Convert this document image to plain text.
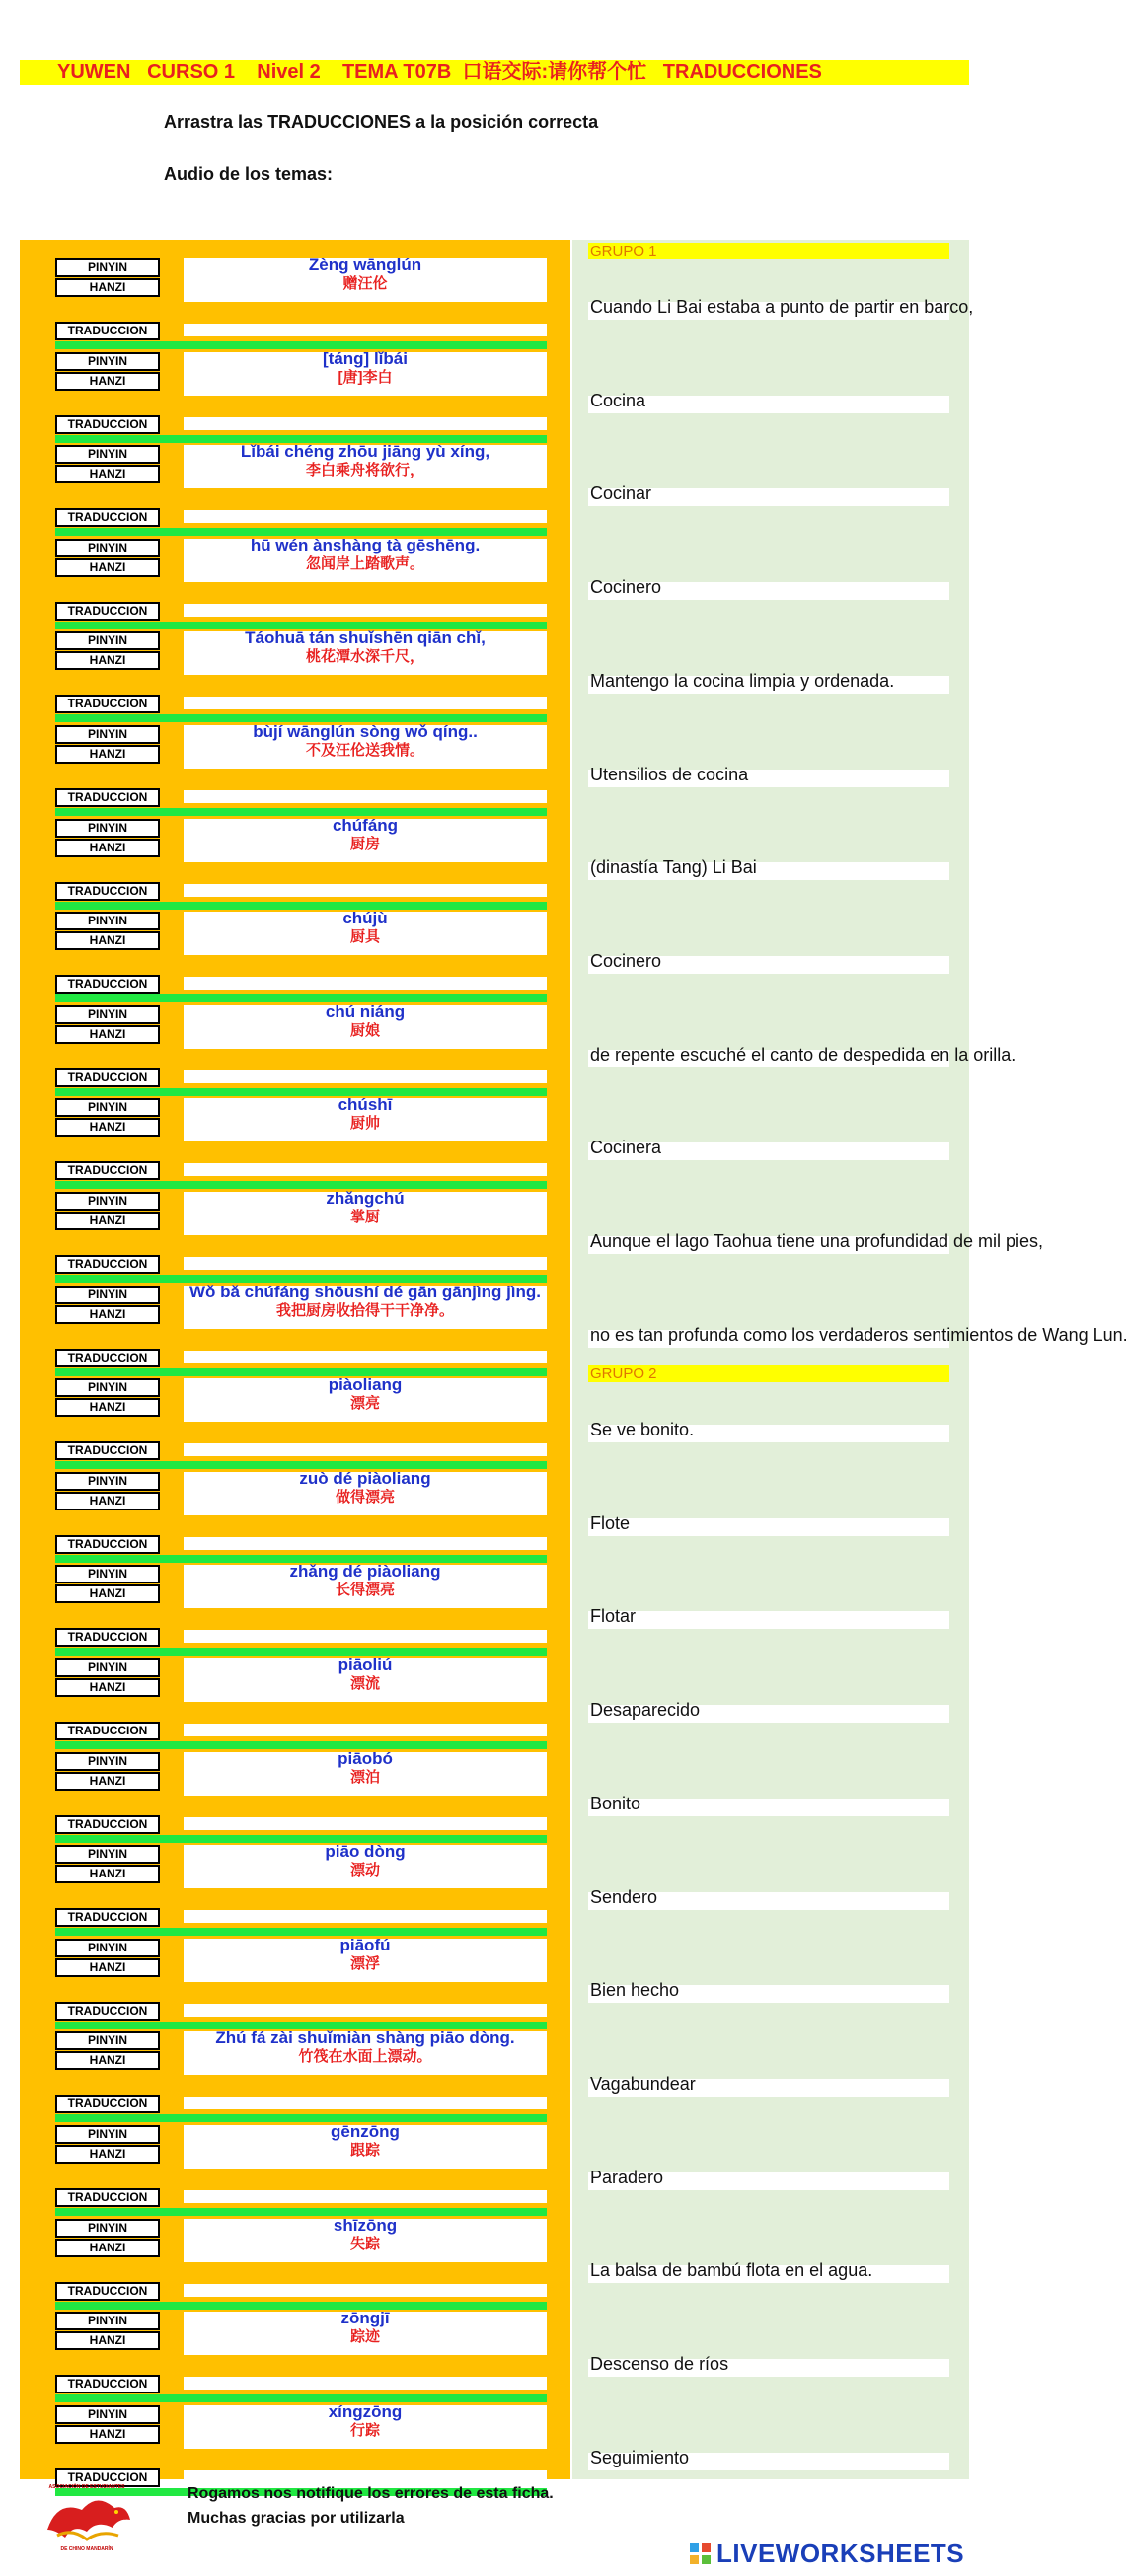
YUWEN   CURSO 1    Nivel 2    TEMA T07B  口语交际:请你帮个忙   TRADUCCIONES
Arrastra las TRADUCCIONES a la posición correcta
Audio de los temas:
PINYIN
HANZI
TRADUCCION
Zèng wānglún
赠汪伦
PINYIN
HANZI
TRADUCCION
[táng] lǐbái
[唐]李白
PINYIN
HANZI
TRADUCCION
Lǐbái chéng zhōu jiāng yù xíng,
李白乘舟将欲行，
PINYIN
HANZI
TRADUCCION
hū wén ànshàng tà gēshēng.
忽闻岸上踏歌声。
PINYIN
HANZI
TRADUCCION
Táohuā tán shuǐshēn qiān chǐ,
桃花潭水深千尺，
PINYIN
HANZI
TRADUCCION
bùjí wānglún sòng wǒ qíng..
不及汪伦送我情。
PINYIN
HANZI
TRADUCCION
chúfáng
厨房
PINYIN
HANZI
TRADUCCION
chújù
厨具
PINYIN
HANZI
TRADUCCION
chú niáng
厨娘
PINYIN
HANZI
TRADUCCION
chúshī
厨帅
PINYIN
HANZI
TRADUCCION
zhǎngchú
掌厨
PINYIN
HANZI
TRADUCCION
Wǒ bǎ chúfáng shōushí dé gān gānjìng jìng.
我把厨房收拾得干干净净。
PINYIN
HANZI
TRADUCCION
piàoliang
漂亮
PINYIN
HANZI
TRADUCCION
zuò dé piàoliang
做得漂亮
PINYIN
HANZI
TRADUCCION
zhǎng dé piàoliang
长得漂亮
PINYIN
HANZI
TRADUCCION
piāoliú
漂流
PINYIN
HANZI
TRADUCCION
piāobó
漂泊
PINYIN
HANZI
TRADUCCION
piāo dòng
漂动
PINYIN
HANZI
TRADUCCION
piāofú
漂浮
PINYIN
HANZI
TRADUCCION
Zhú fá zài shuǐmiàn shàng piāo dòng.
竹筏在水面上漂动。
PINYIN
HANZI
TRADUCCION
gēnzōng
跟踪
PINYIN
HANZI
TRADUCCION
shīzōng
失踪
PINYIN
HANZI
TRADUCCION
zōngjī
踪迹
PINYIN
HANZI
TRADUCCION
xíngzōng
行踪
GRUPO 1
Cuando Li Bai estaba a punto de partir en barco,
Cocina
Cocinar
Cocinero
Mantengo la cocina limpia y ordenada.
Utensilios de cocina
(dinastía Tang) Li Bai
Cocinero
de repente escuché el canto de despedida en la orilla.
Cocinera
Aunque el lago Taohua tiene una profundidad de mil pies,
no es tan profunda como los verdaderos sentimientos de Wang Lun.
GRUPO 2
Se ve bonito.
Flote
Flotar
Desaparecido
Bonito
Sendero
Bien hecho
Vagabundear
Paradero
La balsa de bambú flota en el agua.
Descenso de ríos
Seguimiento
ASOCIACIÓN DE ESTUDIANTES
DE CHINO MANDARÍN
Rogamos nos notifique los errores de esta ficha.
Muchas gracias por utilizarla
LIVEWORKSHEETS
